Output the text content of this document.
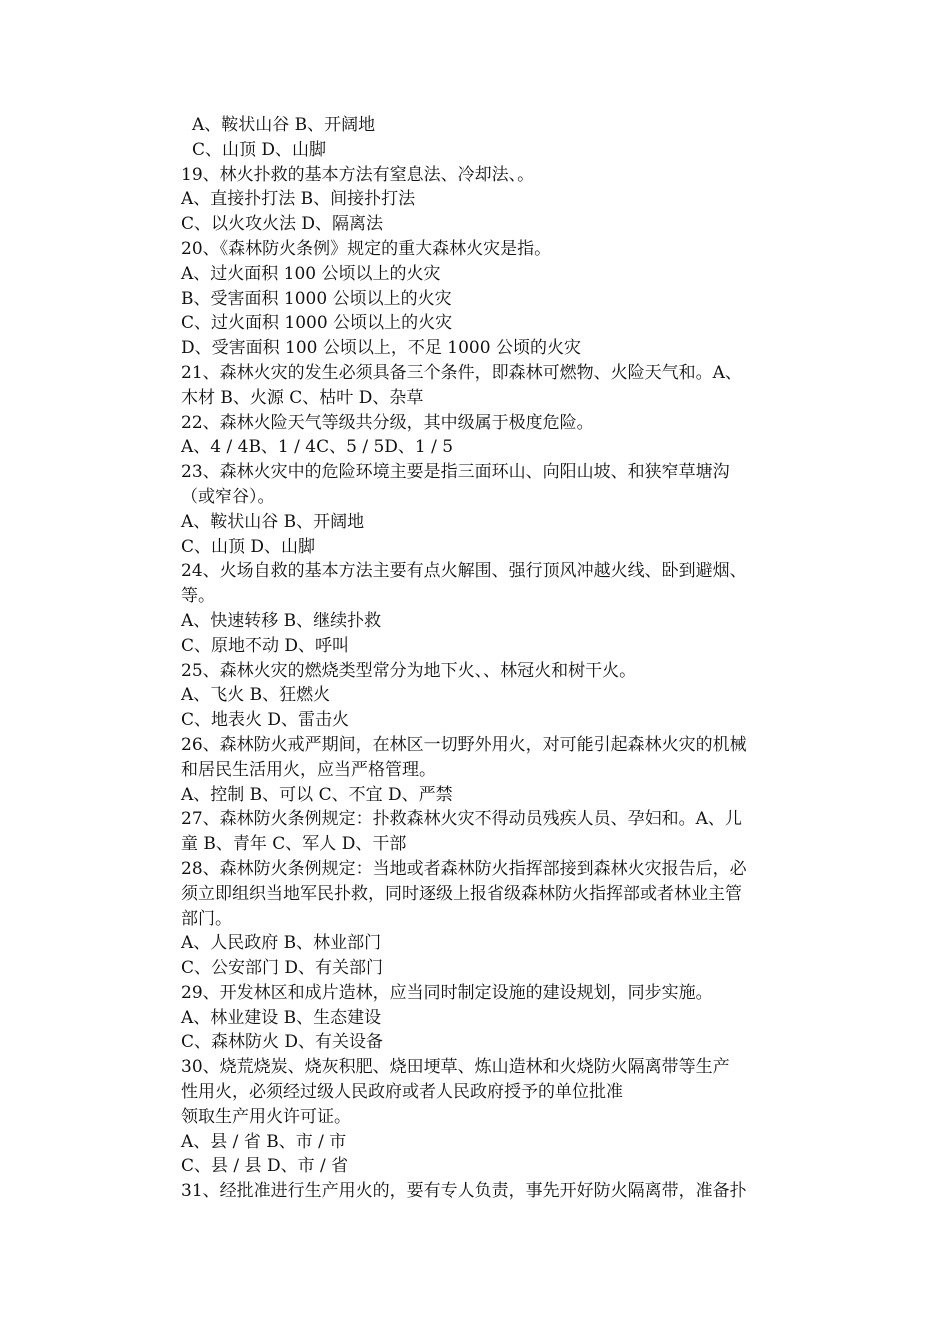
A、鞍状山谷 B、开阔地
C、山顶 D、山脚
19、林火扑救的基本方法有窒息法、冷却法、。
A、直接扑打法 B、间接扑打法
C、以火攻火法 D、隔离法
20、《森林防火条例》规定的重大森林火灾是指。
A、过火面积 100 公顷以上的火灾
B、受害面积 1000 公顷以上的火灾
C、过火面积 1000 公顷以上的火灾
D、受害面积 100 公顷以上，不足 1000 公顷的火灾
21、森林火灾的发生必须具备三个条件，即森林可燃物、火险天气和。A、
木材 B、火源 C、枯叶 D、杂草
22、森林火险天气等级共分级，其中级属于极度危险。
A、4 / 4B、1 / 4C、5 / 5D、1 / 5
23、森林火灾中的危险环境主要是指三面环山、向阳山坡、和狭窄草塘沟
（或窄谷）。
A、鞍状山谷 B、开阔地
C、山顶 D、山脚
24、火场自救的基本方法主要有点火解围、强行顶风冲越火线、卧到避烟、
等。
A、快速转移 B、继续扑救
C、原地不动 D、呼叫
25、森林火灾的燃烧类型常分为地下火、、林冠火和树干火。
A、飞火 B、狂燃火
C、地表火 D、雷击火
26、森林防火戒严期间，在林区一切野外用火，对可能引起森林火灾的机械
和居民生活用火，应当严格管理。
A、控制 B、可以 C、不宜 D、严禁
27、森林防火条例规定：扑救森林火灾不得动员残疾人员、孕妇和。A、儿
童 B、青年 C、军人 D、干部
28、森林防火条例规定：当地或者森林防火指挥部接到森林火灾报告后，必
须立即组织当地军民扑救，同时逐级上报省级森林防火指挥部或者林业主管
部门。
A、人民政府 B、林业部门
C、公安部门 D、有关部门
29、开发林区和成片造林，应当同时制定设施的建设规划，同步实施。
A、林业建设 B、生态建设
C、森林防火 D、有关设备
30、烧荒烧炭、烧灰积肥、烧田埂草、炼山造林和火烧防火隔离带等生产
性用火，必须经过级人民政府或者人民政府授予的单位批准
领取生产用火许可证。
A、县 / 省 B、市 / 市
C、县 / 县 D、市 / 省
31、经批准进行生产用火的，要有专人负责，事先开好防火隔离带，准备扑
